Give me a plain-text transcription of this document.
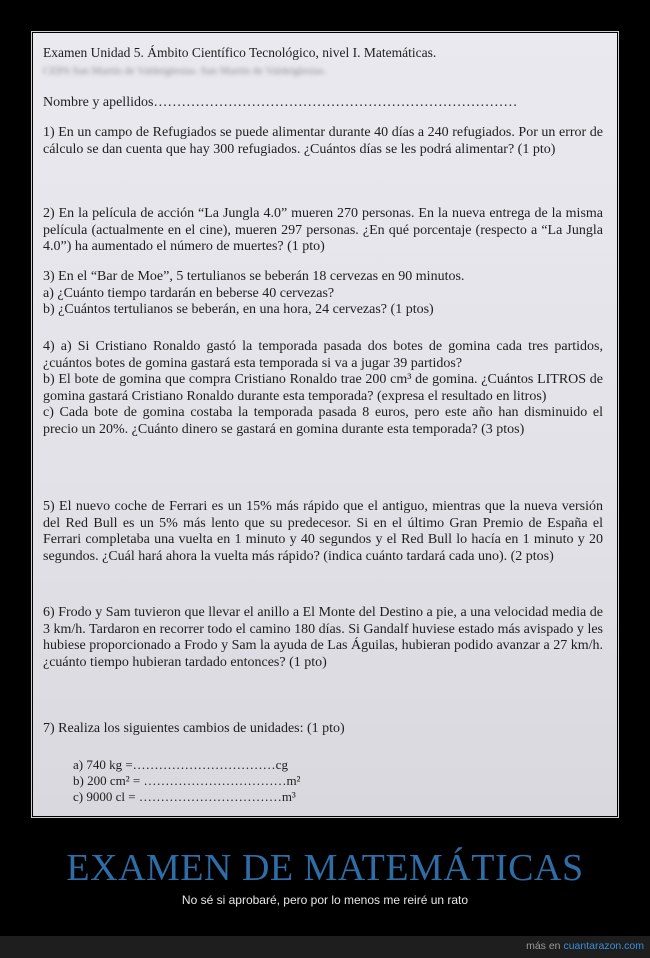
Examen Unidad 5. Ámbito Científico Tecnológico, nivel I. Matemáticas.
CEPA San Martín de Valdeiglesias. San Martín de Valdeiglesias.
Nombre y apellidos……………………………………………………………………

1) En un campo de Refugiados se puede alimentar durante 40 días a 240 refugiados. Por un error de cálculo se dan cuenta que hay 300 refugiados. ¿Cuántos días se les podrá alimentar? (1 pto)

2) En la película de acción “La Jungla 4.0” mueren 270 personas. En la nueva entrega de la misma película (actualmente en el cine), mueren 297 personas. ¿En qué porcentaje (respecto a “La Jungla 4.0”) ha aumentado el número de muertes? (1 pto)

3) En el “Bar de Moe”, 5 tertulianos se beberán 18 cervezas en 90 minutos.
a) ¿Cuánto tiempo tardarán en beberse 40 cervezas?
b) ¿Cuántos tertulianos se beberán, en una hora, 24 cervezas? (1 ptos)

4) a) Si Cristiano Ronaldo gastó la temporada pasada dos botes de gomina cada tres partidos, ¿cuántos botes de gomina gastará esta temporada si va a jugar 39 partidos?

b) El bote de gomina que compra Cristiano Ronaldo trae 200 cm³ de gomina. ¿Cuántos LITROS de gomina gastará Cristiano Ronaldo durante esta temporada? (expresa el resultado en litros)

c) Cada bote de gomina costaba la temporada pasada 8 euros, pero este año han disminuido el precio un 20%. ¿Cuánto dinero se gastará en gomina durante esta temporada? (3 ptos)

5) El nuevo coche de Ferrari es un 15% más rápido que el antiguo, mientras que la nueva versión del Red Bull es un 5% más lento que su predecesor. Si en el último Gran Premio de España el Ferrari completaba una vuelta en 1 minuto y 40 segundos y el Red Bull lo hacía en 1 minuto y 20 segundos. ¿Cuál hará ahora la vuelta más rápido? (indica cuánto tardará cada uno). (2 ptos)

6) Frodo y Sam tuvieron que llevar el anillo a El Monte del Destino a pie, a una velocidad media de 3 km/h. Tardaron en recorrer todo el camino 180 días. Si Gandalf huviese estado más avispado y les hubiese proporcionado a Frodo y Sam la ayuda de Las Águilas, hubieran podido avanzar a 27 km/h. ¿cuánto tiempo hubieran tardado entonces? (1 pto)

7) Realiza los siguientes cambios de unidades: (1 pto)
a) 740 kg =……………………………cg
b) 200 cm² = ……………………………m²
c) 9000 cl = ……………………………m³
EXAMEN DE MATEMÁTICAS
No sé si aprobaré, pero por lo menos me reiré un rato
más en cuantarazon.com
